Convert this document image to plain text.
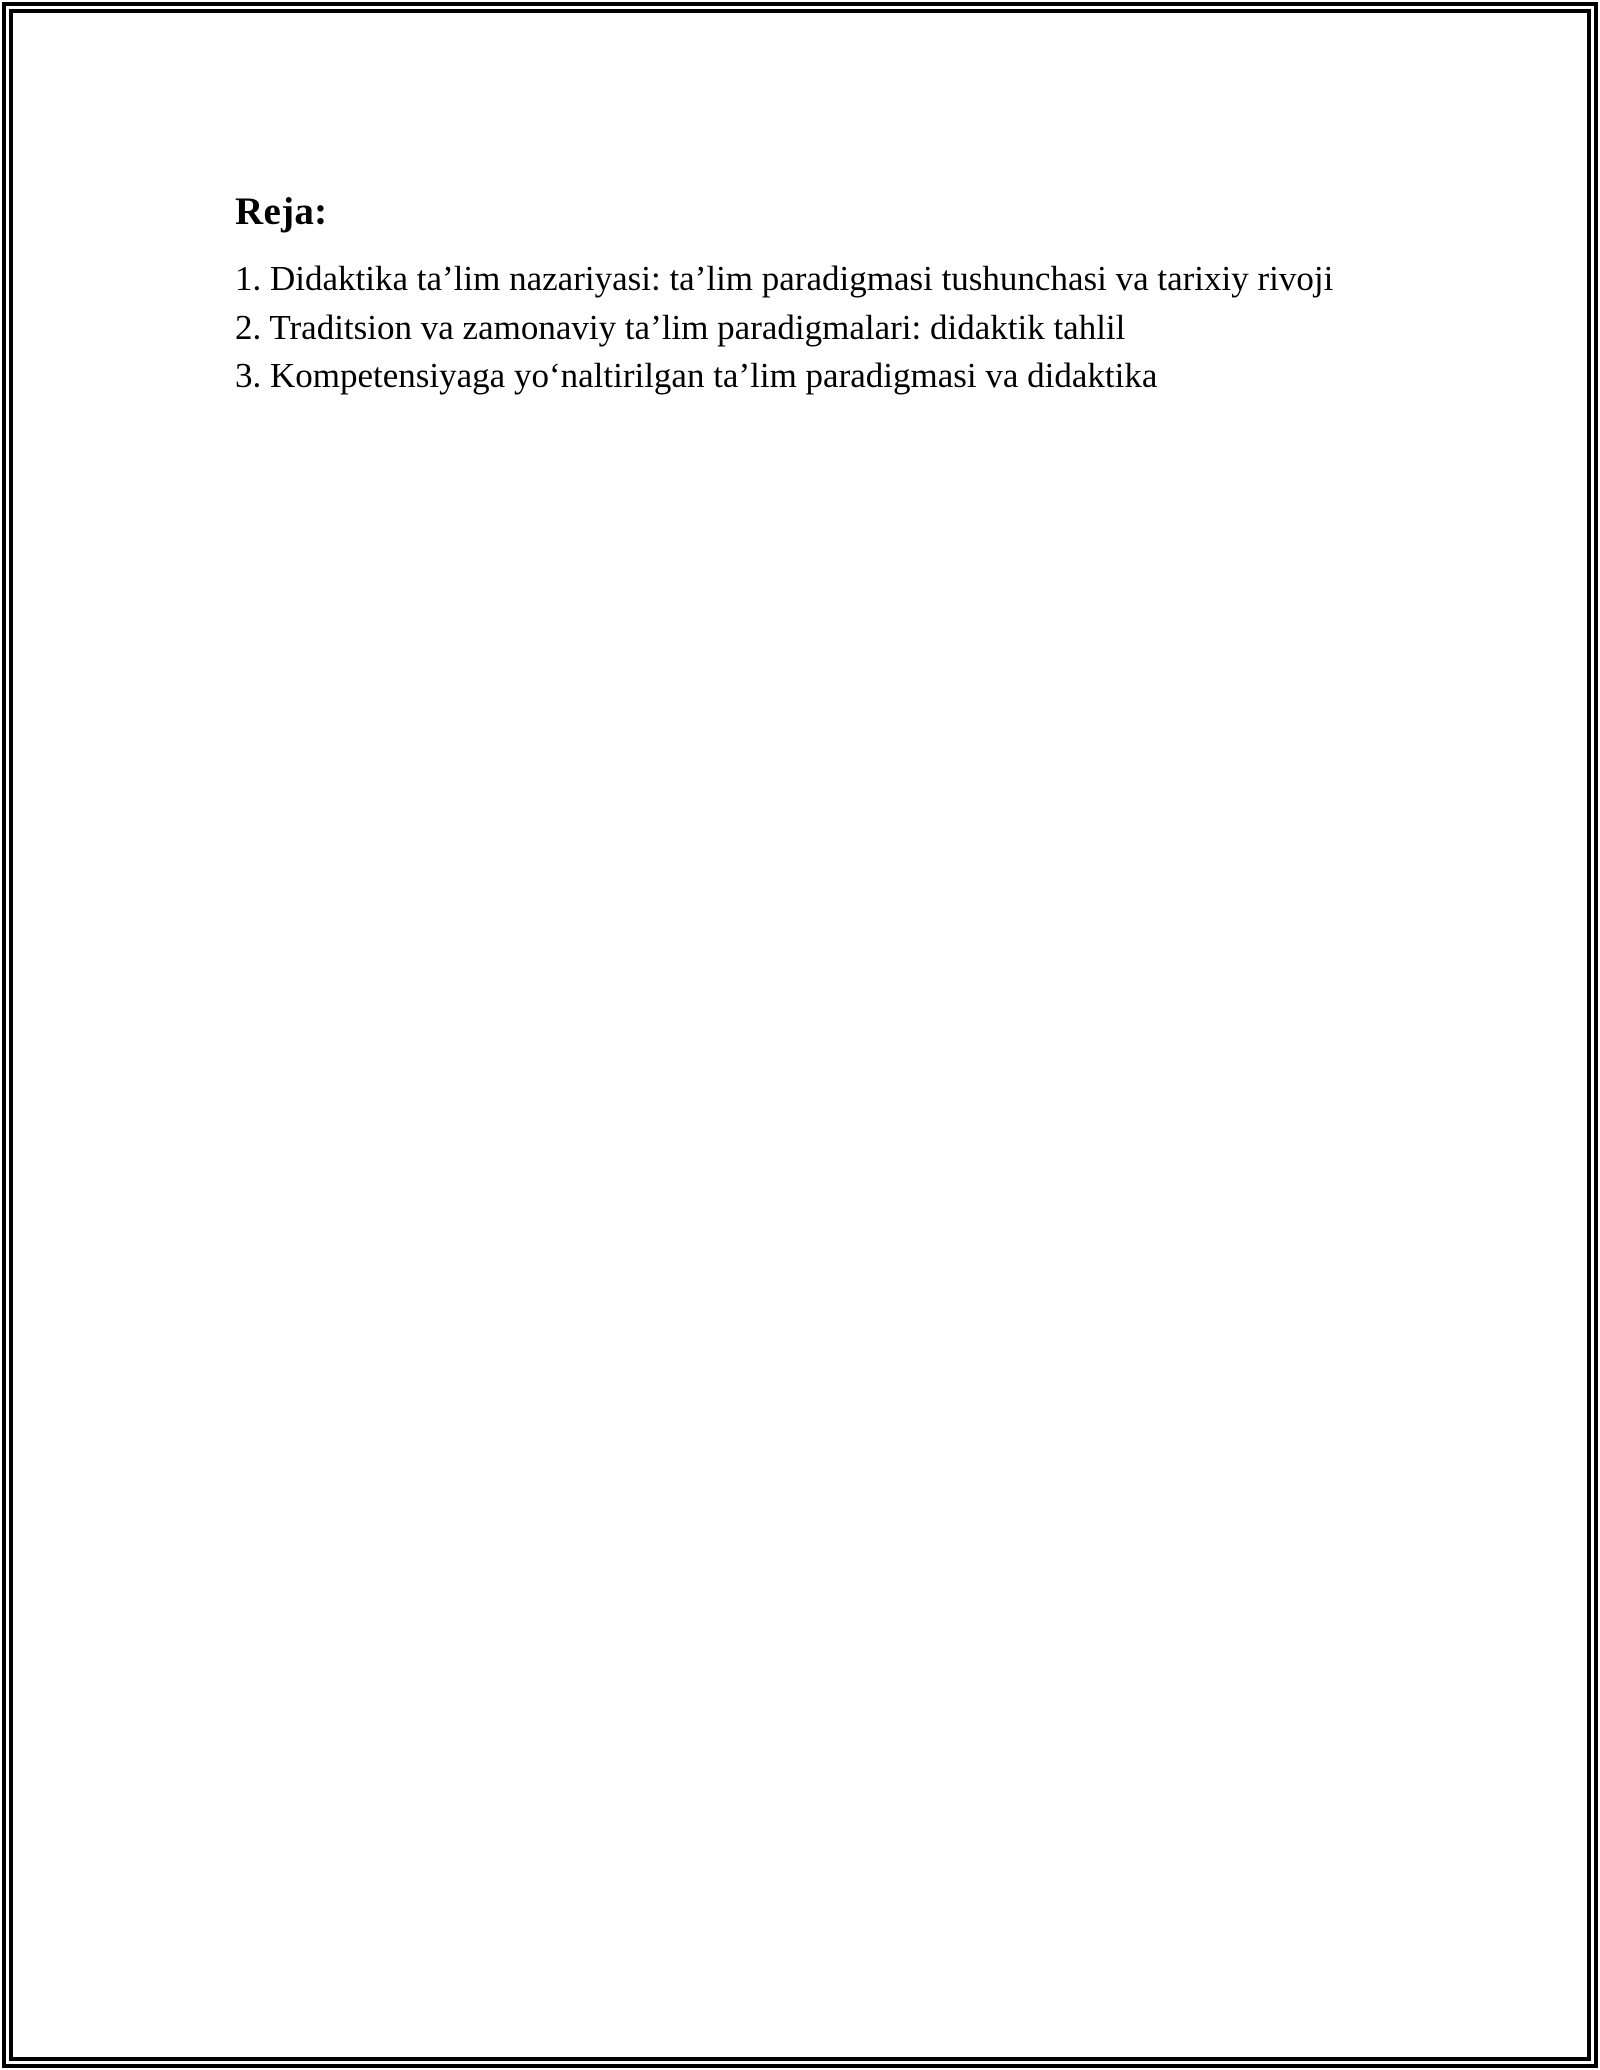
Reja:
1. Didaktika ta’lim nazariyasi: ta’lim paradigmasi tushunchasi va tarixiy rivoji
2. Traditsion va zamonaviy ta’lim paradigmalari: didaktik tahlil
3. Kompetensiyaga yo‘naltirilgan ta’lim paradigmasi va didaktika
